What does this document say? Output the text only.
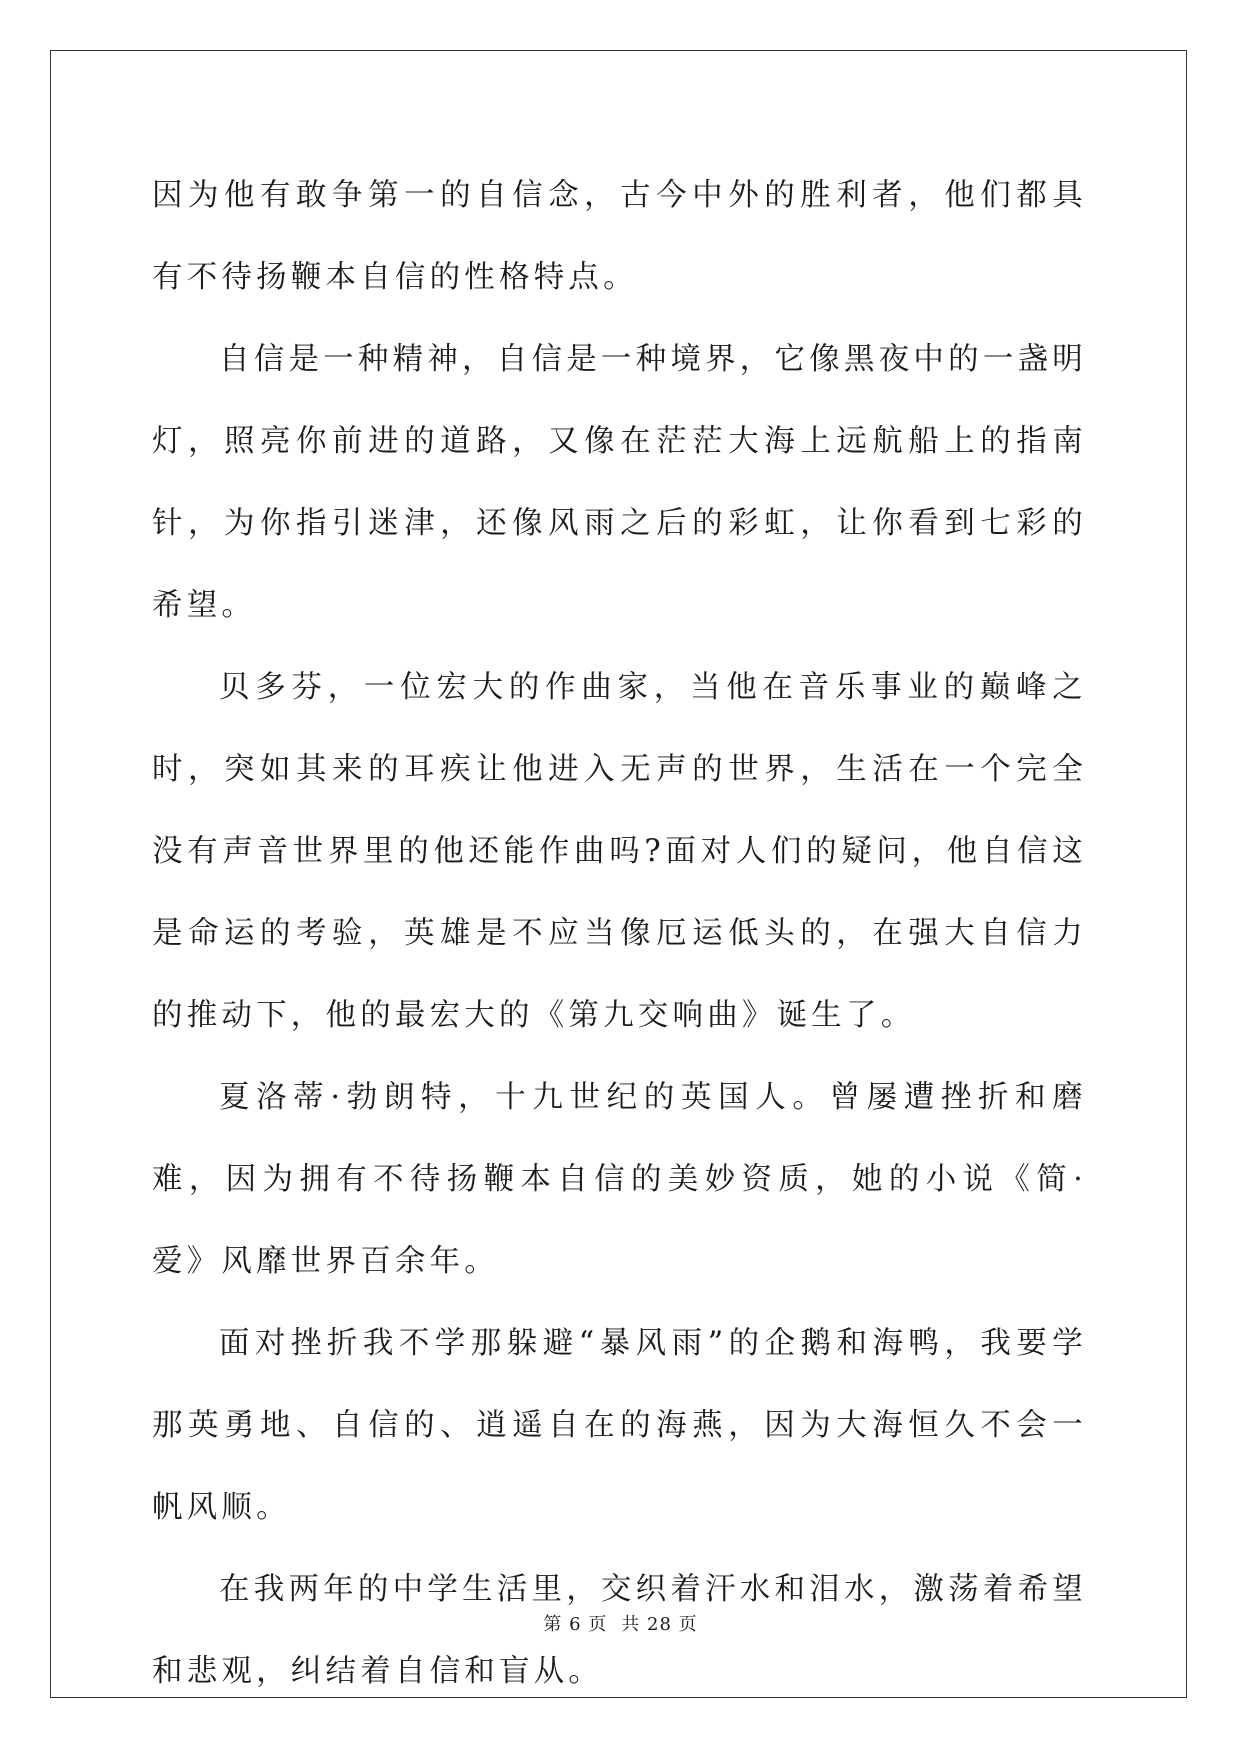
因为他有敢争第一的自信念，古今中外的胜利者，他们都具有不待扬鞭本自信的性格特点。

自信是一种精神，自信是一种境界，它像黑夜中的一盏明灯，照亮你前进的道路，又像在茫茫大海上远航船上的指南针，为你指引迷津，还像风雨之后的彩虹，让你看到七彩的希望。

贝多芬，一位宏大的作曲家，当他在音乐事业的巅峰之时，突如其来的耳疾让他进入无声的世界，生活在一个完全没有声音世界里的他还能作曲吗?面对人们的疑问，他自信这是命运的考验，英雄是不应当像厄运低头的，在强大自信力的推动下，他的最宏大的《第九交响曲》诞生了。

夏洛蒂·勃朗特，十九世纪的英国人。曾屡遭挫折和磨难，因为拥有不待扬鞭本自信的美妙资质，她的小说《简·爱》风靡世界百余年。

面对挫折我不学那躲避“暴风雨”的企鹅和海鸭，我要学那英勇地、自信的、逍遥自在的海燕，因为大海恒久不会一帆风顺。

在我两年的中学生活里，交织着汗水和泪水，激荡着希望和悲观，纠结着自信和盲从。

第 6 页 共 28 页
